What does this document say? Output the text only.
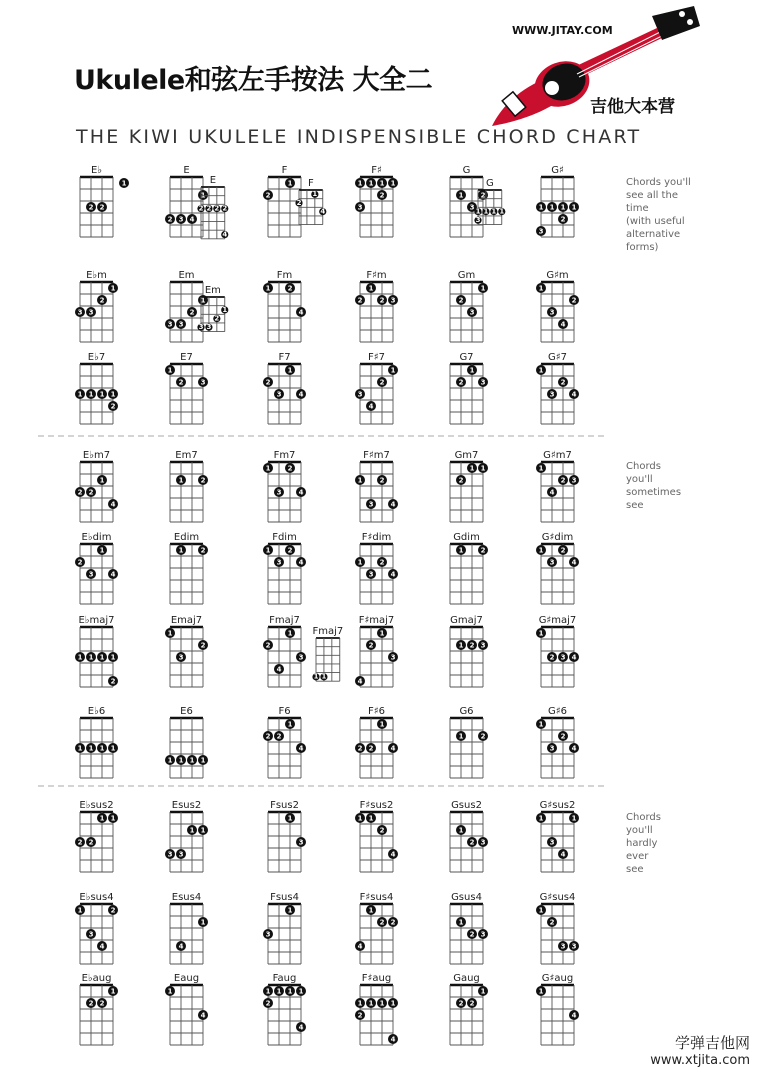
Ukulele和弦左手按法 大全二
WWW.JITAY.COM
吉他大本营
THE KIWI UKULELE INDISPENSIBLE CHORD CHART
Chords you'll
see all the
time
(with useful
alternative
forms)
Chords
you'll
sometimes
see
Chords
you'll
hardly
ever
see
E♭
1
2 2
E
1
2 3 4
F
1
2
F♯
1 1 1 1
2
3
G
1 2
3
G♯
1 1 1 1
2
3
E♭m
1
2
3 3
Em
1
2
3 3
Fm
1 2
4
F♯m
1
2 2 3
Gm
1
2
3
G♯m
1
2
3
4
E♭7
1 1 1 1
2
E7
1
2 3
F7
1
2
3 4
F♯7
1
2
3
4
G7
1
2 3
G♯7
1
2
3 4
E♭m7
1
2 2
4
Em7
1 2
Fm7
1 2
3 4
F♯m7
1 2
3 4
Gm7
1 1
2
G♯m7
1
2 3
4
E♭dim
1
2
3 4
Edim
1 2
Fdim
1 2
3 4
F♯dim
1 2
3 4
Gdim
1 2
G♯dim
1 2
3 4
E♭maj7
1 1 1 1
2
Emaj7
1
2
3
Fmaj7
1
2
3
4
F♯maj7
1
2
3
4
Gmaj7
1 2 3
G♯maj7
1
2 3 4
E♭6
1 1 1 1
E6
1 1 1 1
F6
1
2 2
4
F♯6
1
2 2 4
G6
1 2
G♯6
1
2
3 4
E♭sus2
1 1
2 2
Esus2
1 1
3 3
Fsus2
1
3
F♯sus2
1 1
2
4
Gsus2
1
2 3
G♯sus2
1	1
3
4
E♭sus4
1	2
3
4
Esus4
1
4
Fsus4
1
3
F♯sus4
1
2 2
4
Gsus4
1
2 3
G♯sus4
1
2
3 3
E♭aug
1
2 2
Eaug
1
4
Faug
1 1 1 1
2
4
F♯aug
1 1 1 1
2
4
Gaug
1
2 2
G♯aug
1
4
E
2 2 2 2
4
F
1
2
4
G
1 1 1 1
3
Em
1
2
3 3
Fmaj7
1 1
学弹吉他网
www.xtjita.com
